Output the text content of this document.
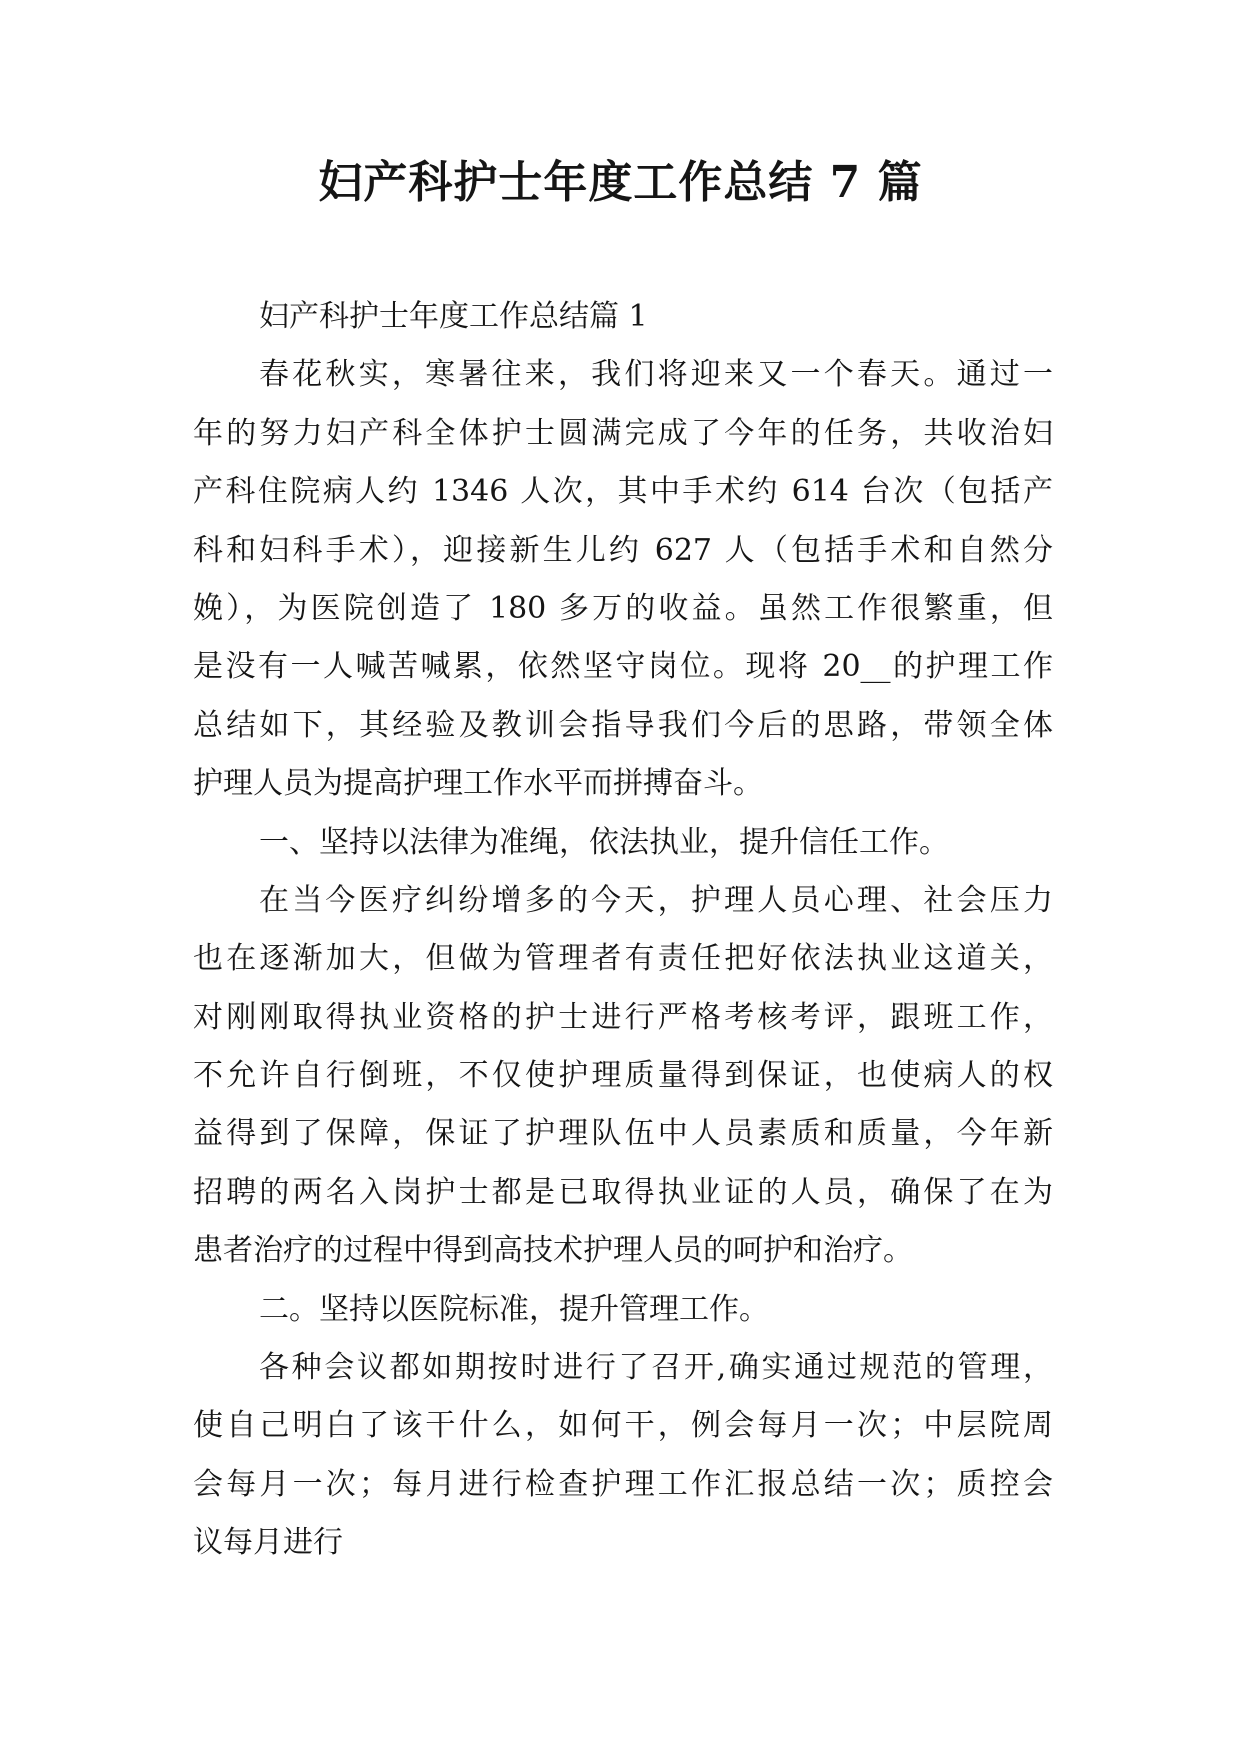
妇产科护士年度工作总结 7 篇
妇产科护士年度工作总结篇 1
春花秋实，寒暑往来，我们将迎来又一个春天。通过一
年的努力妇产科全体护士圆满完成了今年的任务，共收治妇
产科住院病人约 1346 人次，其中手术约 614 台次（包括产
科和妇科手术），迎接新生儿约 627 人（包括手术和自然分
娩），为医院创造了 180 多万的收益。虽然工作很繁重，但
是没有一人喊苦喊累，依然坚守岗位。现将 20__的护理工作
总结如下，其经验及教训会指导我们今后的思路，带领全体
护理人员为提高护理工作水平而拼搏奋斗。
一、坚持以法律为准绳，依法执业，提升信任工作。
在当今医疗纠纷增多的今天，护理人员心理、社会压力
也在逐渐加大，但做为管理者有责任把好依法执业这道关，
对刚刚取得执业资格的护士进行严格考核考评，跟班工作，
不允许自行倒班，不仅使护理质量得到保证，也使病人的权
益得到了保障，保证了护理队伍中人员素质和质量，今年新
招聘的两名入岗护士都是已取得执业证的人员，确保了在为
患者治疗的过程中得到高技术护理人员的呵护和治疗。
二。坚持以医院标准，提升管理工作。
各种会议都如期按时进行了召开,确实通过规范的管理，
使自己明白了该干什么，如何干，例会每月一次；中层院周
会每月一次；每月进行检查护理工作汇报总结一次；质控会
议每月进行
